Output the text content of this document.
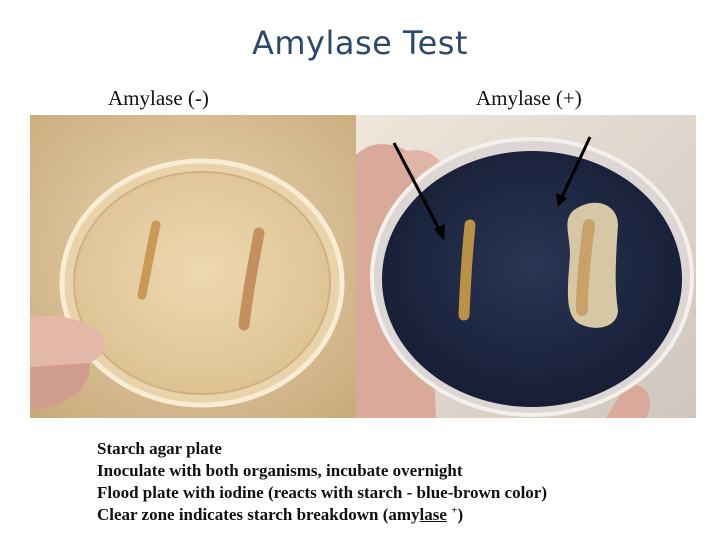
Amylase Test
Amylase (-)	Amylase (+)
Starch agar plate
Inoculate with both organisms, incubate overnight
Flood plate with iodine (reacts with starch - blue-brown color)
Clear zone indicates starch breakdown (amylase +)
